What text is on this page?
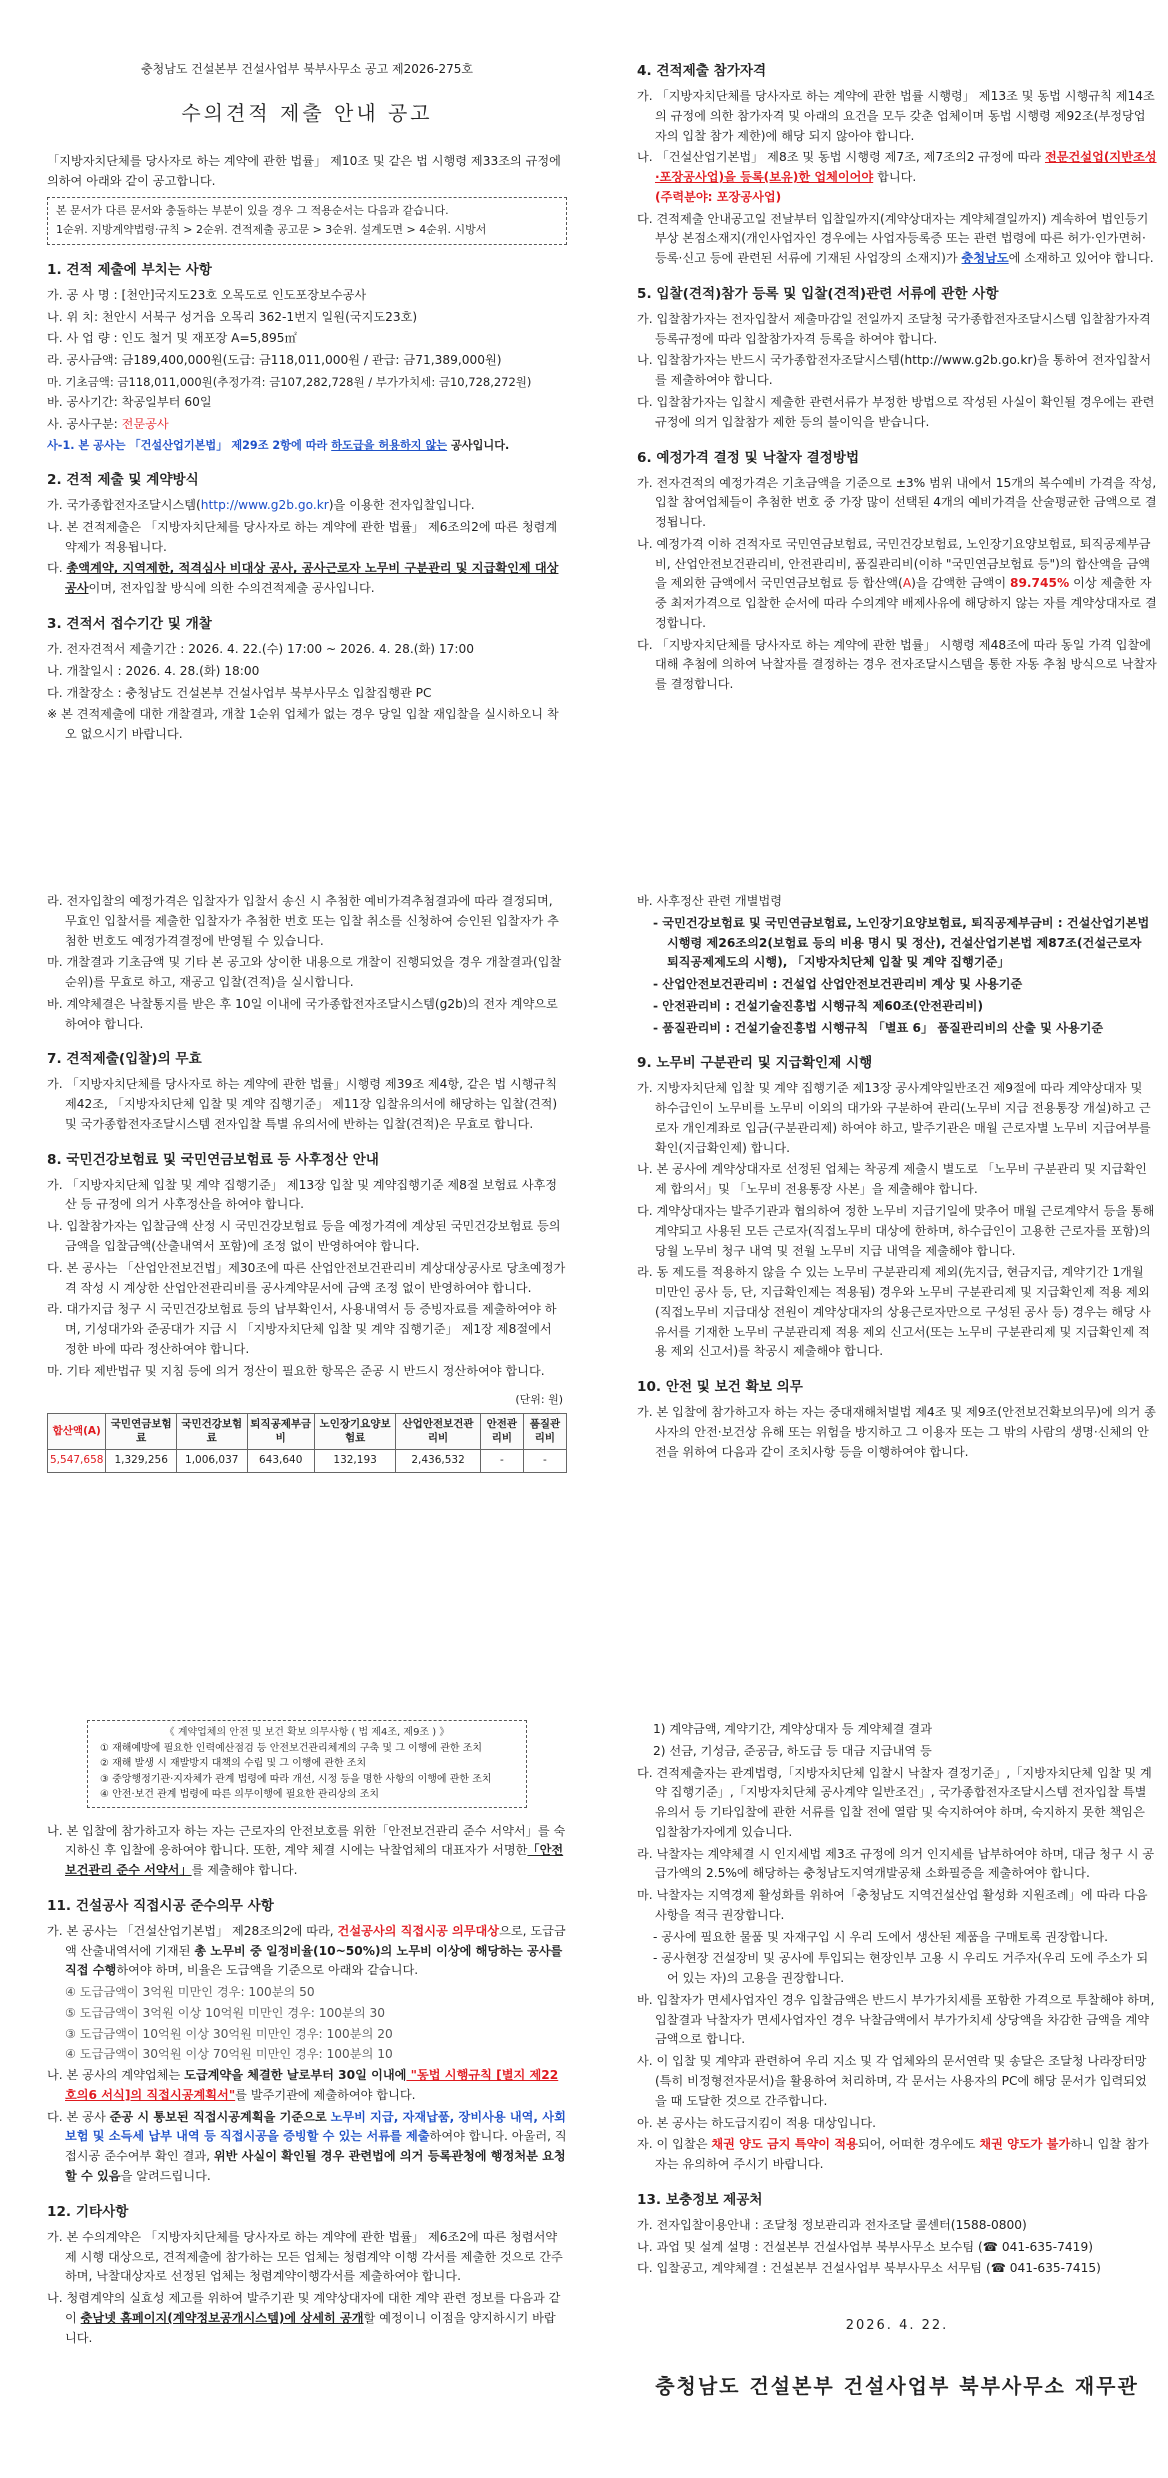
충청남도 건설본부 건설사업부 북부사무소 공고 제2026-275호
수의견적 제출 안내 공고
「지방자치단체를 당사자로 하는 계약에 관한 법률」 제10조 및 같은 법 시행령 제33조의 규정에 의하여 아래와 같이 공고합니다.
본 문서가 다른 문서와 충돌하는 부분이 있을 경우 그 적용순서는 다음과 같습니다.
1순위. 지방계약법령·규칙 > 2순위. 견적제출 공고문 > 3순위. 설계도면 > 4순위. 시방서
1. 견적 제출에 부치는 사항
가. 공 사 명 : [천안]국지도23호 오목도로 인도포장보수공사
나. 위 치: 천안시 서북구 성거읍 오목리 362-1번지 일원(국지도23호)
다. 사 업 량 : 인도 철거 및 재포장 A=5,895㎡
라. 공사금액: 금189,400,000원(도급: 금118,011,000원 / 관급: 금71,389,000원)
마. 기초금액: 금118,011,000원(추정가격: 금107,282,728원 / 부가가치세: 금10,728,272원)
바. 공사기간: 착공일부터 60일
사. 공사구분: 전문공사
사-1. 본 공사는 「건설산업기본법」 제29조 2항에 따라 하도급을 허용하지 않는 공사입니다.
2. 견적 제출 및 계약방식
가. 국가종합전자조달시스템(http://www.g2b.go.kr)을 이용한 전자입찰입니다.
나. 본 견적제출은 「지방자치단체를 당사자로 하는 계약에 관한 법률」 제6조의2에 따른 청렴계약제가 적용됩니다.
다. 총액계약, 지역제한, 적격심사 비대상 공사, 공사근로자 노무비 구분관리 및 지급확인제 대상 공사이며, 전자입찰 방식에 의한 수의견적제출 공사입니다.
3. 견적서 접수기간 및 개찰
가. 전자견적서 제출기간 : 2026. 4. 22.(수) 17:00 ~ 2026. 4. 28.(화) 17:00
나. 개찰일시 : 2026. 4. 28.(화) 18:00
다. 개찰장소 : 충청남도 건설본부 건설사업부 북부사무소 입찰집행관 PC
※ 본 견적제출에 대한 개찰결과, 개찰 1순위 업체가 없는 경우 당일 입찰 재입찰을 실시하오니 착오 없으시기 바랍니다.
4. 견적제출 참가자격
가. 「지방자치단체를 당사자로 하는 계약에 관한 법률 시행령」 제13조 및 동법 시행규칙 제14조의 규정에 의한 참가자격 및 아래의 요건을 모두 갖춘 업체이며 동법 시행령 제92조(부정당업자의 입찰 참가 제한)에 해당 되지 않아야 합니다.
나. 「건설산업기본법」 제8조 및 동법 시행령 제7조, 제7조의2 규정에 따라 전문건설업(지반조성·포장공사업)을 등록(보유)한 업체이어야 합니다.
(주력분야: 포장공사업)
다. 견적제출 안내공고일 전날부터 입찰일까지(계약상대자는 계약체결일까지) 계속하여 법인등기부상 본점소재지(개인사업자인 경우에는 사업자등록증 또는 관련 법령에 따른 허가·인가면허·등록·신고 등에 관련된 서류에 기재된 사업장의 소재지)가 충청남도에 소재하고 있어야 합니다.
5. 입찰(견적)참가 등록 및 입찰(견적)관련 서류에 관한 사항
가. 입찰참가자는 전자입찰서 제출마감일 전일까지 조달청 국가종합전자조달시스템 입찰참가자격등록규정에 따라 입찰참가자격 등록을 하여야 합니다.
나. 입찰참가자는 반드시 국가종합전자조달시스템(http://www.g2b.go.kr)을 통하여 전자입찰서를 제출하여야 합니다.
다. 입찰참가자는 입찰시 제출한 관련서류가 부정한 방법으로 작성된 사실이 확인될 경우에는 관련 규정에 의거 입찰참가 제한 등의 불이익을 받습니다.
6. 예정가격 결정 및 낙찰자 결정방법
가. 전자견적의 예정가격은 기초금액을 기준으로 ±3% 범위 내에서 15개의 복수예비 가격을 작성, 입찰 참여업체들이 추첨한 번호 중 가장 많이 선택된 4개의 예비가격을 산술평균한 금액으로 결정됩니다.
나. 예정가격 이하 견적자로 국민연금보험료, 국민건강보험료, 노인장기요양보험료, 퇴직공제부금비, 산업안전보건관리비, 안전관리비, 품질관리비(이하 "국민연금보험료 등")의 합산액을 금액을 제외한 금액에서 국민연금보험료 등 합산액(A)을 감액한 금액이 89.745% 이상 제출한 자 중 최저가격으로 입찰한 순서에 따라 수의계약 배제사유에 해당하지 않는 자를 계약상대자로 결정합니다.
다. 「지방자치단체를 당사자로 하는 계약에 관한 법률」 시행령 제48조에 따라 동일 가격 입찰에 대해 추첨에 의하여 낙찰자를 결정하는 경우 전자조달시스템을 통한 자동 추첨 방식으로 낙찰자를 결정합니다.
라. 전자입찰의 예정가격은 입찰자가 입찰서 송신 시 추첨한 예비가격추첨결과에 따라 결정되며, 무효인 입찰서를 제출한 입찰자가 추첨한 번호 또는 입찰 취소를 신청하여 승인된 입찰자가 추첨한 번호도 예정가격결정에 반영될 수 있습니다.
마. 개찰결과 기초금액 및 기타 본 공고와 상이한 내용으로 개찰이 진행되었을 경우 개찰결과(입찰순위)를 무효로 하고, 재공고 입찰(견적)을 실시합니다.
바. 계약체결은 낙찰통지를 받은 후 10일 이내에 국가종합전자조달시스템(g2b)의 전자 계약으로 하여야 합니다.
7. 견적제출(입찰)의 무효
가. 「지방자치단체를 당사자로 하는 계약에 관한 법률」시행령 제39조 제4항, 같은 법 시행규칙 제42조, 「지방자치단체 입찰 및 계약 집행기준」 제11장 입찰유의서에 해당하는 입찰(견적) 및 국가종합전자조달시스템 전자입찰 특별 유의서에 반하는 입찰(견적)은 무효로 합니다.
8. 국민건강보험료 및 국민연금보험료 등 사후정산 안내
가. 「지방자치단체 입찰 및 계약 집행기준」 제13장 입찰 및 계약집행기준 제8절 보험료 사후정산 등 규정에 의거 사후정산을 하여야 합니다.
나. 입찰참가자는 입찰금액 산정 시 국민건강보험료 등을 예정가격에 계상된 국민건강보험료 등의 금액을 입찰금액(산출내역서 포함)에 조정 없이 반영하여야 합니다.
다. 본 공사는 「산업안전보건법」제30조에 따른 산업안전보건관리비 계상대상공사로 당초예정가격 작성 시 계상한 산업안전관리비를 공사계약문서에 금액 조정 없이 반영하여야 합니다.
라. 대가지급 청구 시 국민건강보험료 등의 납부확인서, 사용내역서 등 증빙자료를 제출하여야 하며, 기성대가와 준공대가 지급 시 「지방자치단체 입찰 및 계약 집행기준」 제1장 제8절에서 정한 바에 따라 정산하여야 합니다.
마. 기타 제반법규 및 지침 등에 의거 정산이 필요한 항목은 준공 시 반드시 정산하여야 합니다.
(단위: 원)
합산액(A)	국민연금보험료	국민건강보험료	퇴직공제부금비	노인장기요양보험료	산업안전보건관리비	안전관리비	품질관리비
5,547,658	1,329,256	1,006,037	643,640	132,193	2,436,532	-	-
바. 사후정산 관련 개별법령
- 국민건강보험료 및 국민연금보험료, 노인장기요양보험료, 퇴직공제부금비 : 건설산업기본법 시행령 제26조의2(보험료 등의 비용 명시 및 정산), 건설산업기본법 제87조(건설근로자 퇴직공제제도의 시행), 「지방자치단체 입찰 및 계약 집행기준」
- 산업안전보건관리비 : 건설업 산업안전보건관리비 계상 및 사용기준
- 안전관리비 : 건설기술진흥법 시행규칙 제60조(안전관리비)
- 품질관리비 : 건설기술진흥법 시행규칙 「별표 6」 품질관리비의 산출 및 사용기준
9. 노무비 구분관리 및 지급확인제 시행
가. 지방자치단체 입찰 및 계약 집행기준 제13장 공사계약일반조건 제9절에 따라 계약상대자 및 하수급인이 노무비를 노무비 이외의 대가와 구분하여 관리(노무비 지급 전용통장 개설)하고 근로자 개인계좌로 입금(구분관리제) 하여야 하고, 발주기관은 매월 근로자별 노무비 지급여부를 확인(지급확인제) 합니다.
나. 본 공사에 계약상대자로 선정된 업체는 착공계 제출시 별도로 「노무비 구분관리 및 지급확인제 합의서」및 「노무비 전용통장 사본」을 제출해야 합니다.
다. 계약상대자는 발주기관과 협의하여 정한 노무비 지급기일에 맞추어 매월 근로계약서 등을 통해 계약되고 사용된 모든 근로자(직접노무비 대상에 한하며, 하수급인이 고용한 근로자를 포함)의 당월 노무비 청구 내역 및 전월 노무비 지급 내역을 제출해야 합니다.
라. 동 제도를 적용하지 않을 수 있는 노무비 구분관리제 제외(先지급, 현금지급, 계약기간 1개월 미만인 공사 등, 단, 지급확인제는 적용됨) 경우와 노무비 구분관리제 및 지급확인제 적용 제외(직접노무비 지급대상 전원이 계약상대자의 상용근로자만으로 구성된 공사 등) 경우는 해당 사유서를 기재한 노무비 구분관리제 적용 제외 신고서(또는 노무비 구분관리제 및 지급확인제 적용 제외 신고서)를 착공시 제출해야 합니다.
10. 안전 및 보건 확보 의무
가. 본 입찰에 참가하고자 하는 자는 중대재해처벌법 제4조 및 제9조(안전보건확보의무)에 의거 종사자의 안전·보건상 유해 또는 위험을 방지하고 그 이용자 또는 그 밖의 사람의 생명·신체의 안전을 위하여 다음과 같이 조치사항 등을 이행하여야 합니다.
《 계약업체의 안전 및 보건 확보 의무사항 ( 법 제4조, 제9조 ) 》
① 재해예방에 필요한 인력예산점검 등 안전보건관리체계의 구축 및 그 이행에 관한 조치
② 재해 발생 시 재발방지 대책의 수립 및 그 이행에 관한 조치
③ 중앙행정기관·지자체가 관계 법령에 따라 개선, 시정 등을 명한 사항의 이행에 관한 조치
④ 안전·보건 관계 법령에 따른 의무이행에 필요한 관리상의 조치
나. 본 입찰에 참가하고자 하는 자는 근로자의 안전보호를 위한「안전보건관리 준수 서약서」를 숙지하신 후 입찰에 응하여야 합니다. 또한, 계약 체결 시에는 낙찰업체의 대표자가 서명한「안전보건관리 준수 서약서」를 제출해야 합니다.
11. 건설공사 직접시공 준수의무 사항
가. 본 공사는 「건설산업기본법」 제28조의2에 따라, 건설공사의 직접시공 의무대상으로, 도급금액 산출내역서에 기재된 총 노무비 중 일정비율(10~50%)의 노무비 이상에 해당하는 공사를 직접 수행하여야 하며, 비율은 도급액을 기준으로 아래와 같습니다.
④ 도급금액이 3억원 미만인 경우: 100분의 50
⑤ 도급금액이 3억원 이상 10억원 미만인 경우: 100분의 30
③ 도급금액이 10억원 이상 30억원 미만인 경우: 100분의 20
④ 도급금액이 30억원 이상 70억원 미만인 경우: 100분의 10
나. 본 공사의 계약업체는 도급계약을 체결한 날로부터 30일 이내에 "동법 시행규칙 [별지 제22호의6 서식]의 직접시공계획서"를 발주기관에 제출하여야 합니다.
다. 본 공사 준공 시 통보된 직접시공계획을 기준으로 노무비 지급, 자재납품, 장비사용 내역, 사회보험 및 소득세 납부 내역 등 직접시공을 증빙할 수 있는 서류를 제출하여야 합니다. 아울러, 직접시공 준수여부 확인 결과, 위반 사실이 확인될 경우 관련법에 의거 등록관청에 행정처분 요청할 수 있음을 알려드립니다.
12. 기타사항
가. 본 수의계약은 「지방자치단체를 당사자로 하는 계약에 관한 법률」 제6조2에 따른 청렴서약제 시행 대상으로, 견적제출에 참가하는 모든 업체는 청렴계약 이행 각서를 제출한 것으로 간주하며, 낙찰대상자로 선정된 업체는 청렴계약이행각서를 제출하여야 합니다.
나. 청렴계약의 실효성 제고를 위하여 발주기관 및 계약상대자에 대한 계약 관련 정보를 다음과 같이 충남넷 홈페이지(계약정보공개시스템)에 상세히 공개할 예정이니 이점을 양지하시기 바랍니다.
1) 계약금액, 계약기간, 계약상대자 등 계약체결 결과
2) 선금, 기성금, 준공금, 하도급 등 대금 지급내역 등
다. 견적제출자는 관계법령,「지방자치단체 입찰시 낙찰자 결정기준」,「지방자치단체 입찰 및 계약 집행기준」,「지방자치단체 공사계약 일반조건」, 국가종합전자조달시스템 전자입찰 특별유의서 등 기타입찰에 관한 서류를 입찰 전에 열람 및 숙지하여야 하며, 숙지하지 못한 책임은 입찰참가자에게 있습니다.
라. 낙찰자는 계약체결 시 인지세법 제3조 규정에 의거 인지세를 납부하여야 하며, 대금 청구 시 공급가액의 2.5%에 해당하는 충청남도지역개발공채 소화필증을 제출하여야 합니다.
마. 낙찰자는 지역경제 활성화를 위하여「충청남도 지역건설산업 활성화 지원조례」에 따라 다음사항을 적극 권장합니다.
- 공사에 필요한 물품 및 자재구입 시 우리 도에서 생산된 제품을 구매토록 권장합니다.
- 공사현장 건설장비 및 공사에 투입되는 현장인부 고용 시 우리도 거주자(우리 도에 주소가 되어 있는 자)의 고용을 권장합니다.
바. 입찰자가 면세사업자인 경우 입찰금액은 반드시 부가가치세를 포함한 가격으로 투찰해야 하며, 입찰결과 낙찰자가 면세사업자인 경우 낙찰금액에서 부가가치세 상당액을 차감한 금액을 계약금액으로 합니다.
사. 이 입찰 및 계약과 관련하여 우리 지소 및 각 업체와의 문서연락 및 송달은 조달청 나라장터망(특히 비정형전자문서)을 활용하여 처리하며, 각 문서는 사용자의 PC에 해당 문서가 입력되었을 때 도달한 것으로 간주합니다.
아. 본 공사는 하도급지킴이 적용 대상입니다.
자. 이 입찰은 채권 양도 금지 특약이 적용되어, 어떠한 경우에도 채권 양도가 불가하니 입찰 참가자는 유의하여 주시기 바랍니다.
13. 보충정보 제공처
가. 전자입찰이용안내 : 조달청 정보관리과 전자조달 콜센터(1588-0800)
나. 과업 및 설계 설명 : 건설본부 건설사업부 북부사무소 보수팀 (☎ 041-635-7419)
다. 입찰공고, 계약체결 : 건설본부 건설사업부 북부사무소 서무팀 (☎ 041-635-7415)
2026. 4. 22.
충청남도 건설본부 건설사업부 북부사무소 재무관
